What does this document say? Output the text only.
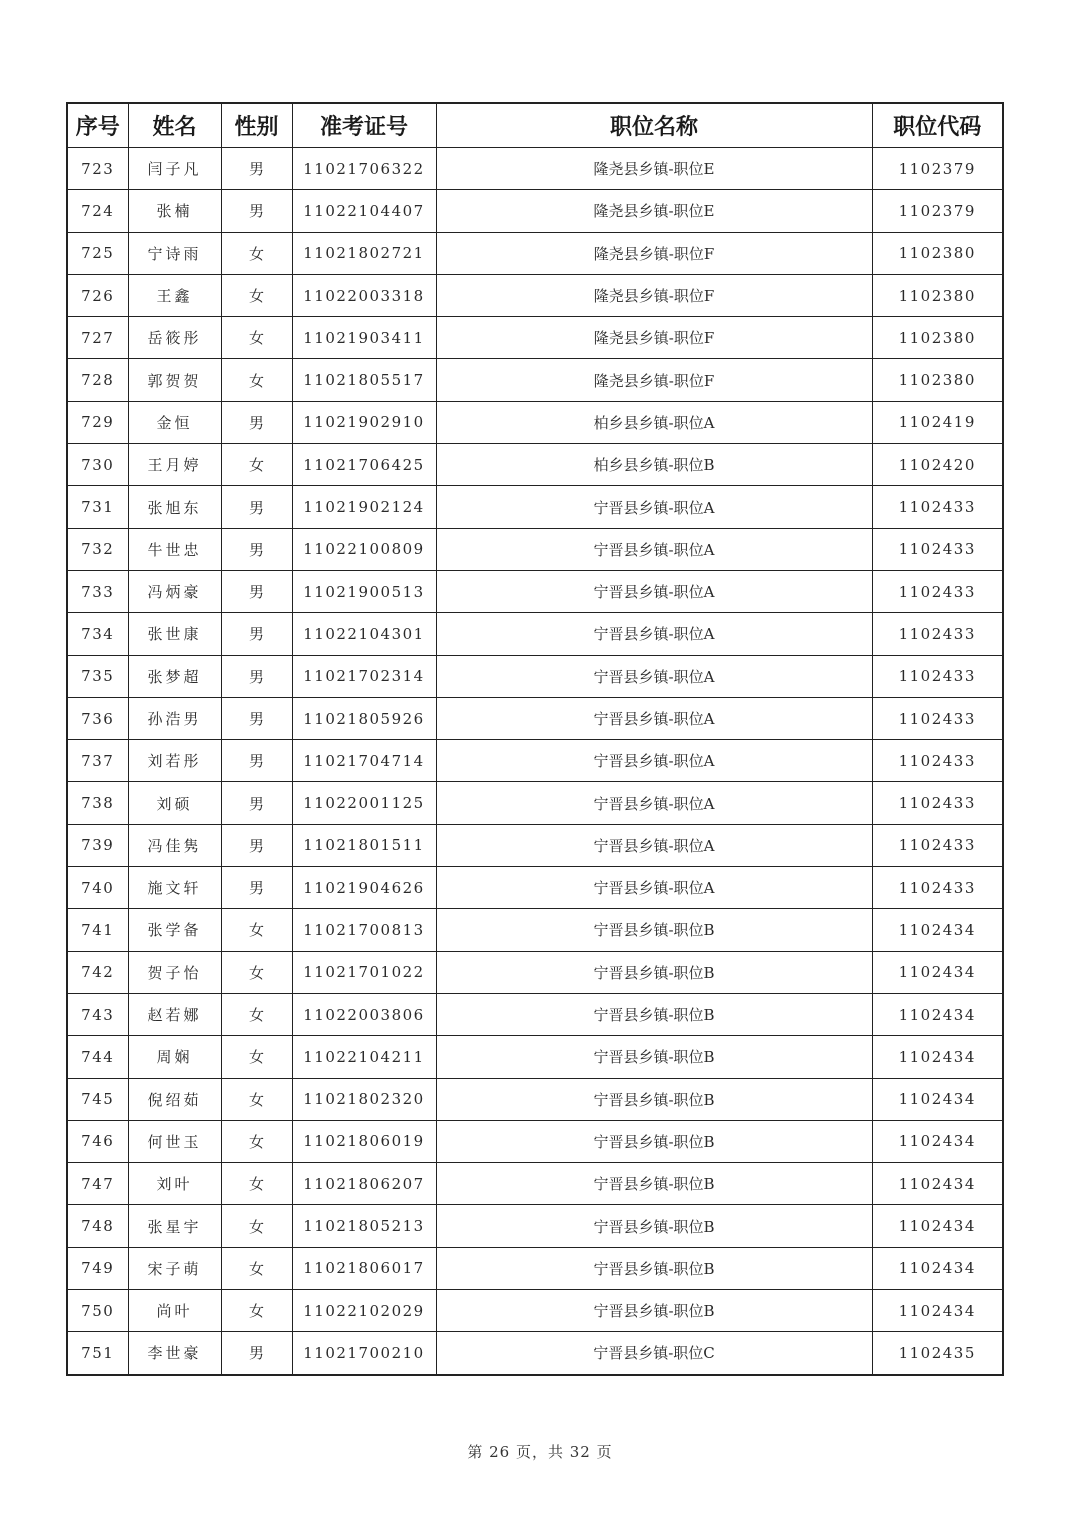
序号	姓名	性别	准考证号	职位名称	职位代码
723	闫子凡	男	11021706322	隆尧县乡镇-职位E	1102379
724	张楠	男	11022104407	隆尧县乡镇-职位E	1102379
725	宁诗雨	女	11021802721	隆尧县乡镇-职位F	1102380
726	王鑫	女	11022003318	隆尧县乡镇-职位F	1102380
727	岳筱彤	女	11021903411	隆尧县乡镇-职位F	1102380
728	郭贺贺	女	11021805517	隆尧县乡镇-职位F	1102380
729	金恒	男	11021902910	柏乡县乡镇-职位A	1102419
730	王月婷	女	11021706425	柏乡县乡镇-职位B	1102420
731	张旭东	男	11021902124	宁晋县乡镇-职位A	1102433
732	牛世忠	男	11022100809	宁晋县乡镇-职位A	1102433
733	冯炳豪	男	11021900513	宁晋县乡镇-职位A	1102433
734	张世康	男	11022104301	宁晋县乡镇-职位A	1102433
735	张梦超	男	11021702314	宁晋县乡镇-职位A	1102433
736	孙浩男	男	11021805926	宁晋县乡镇-职位A	1102433
737	刘若彤	男	11021704714	宁晋县乡镇-职位A	1102433
738	刘硕	男	11022001125	宁晋县乡镇-职位A	1102433
739	冯佳隽	男	11021801511	宁晋县乡镇-职位A	1102433
740	施文轩	男	11021904626	宁晋县乡镇-职位A	1102433
741	张学备	女	11021700813	宁晋县乡镇-职位B	1102434
742	贺子怡	女	11021701022	宁晋县乡镇-职位B	1102434
743	赵若娜	女	11022003806	宁晋县乡镇-职位B	1102434
744	周娴	女	11022104211	宁晋县乡镇-职位B	1102434
745	倪绍茹	女	11021802320	宁晋县乡镇-职位B	1102434
746	何世玉	女	11021806019	宁晋县乡镇-职位B	1102434
747	刘叶	女	11021806207	宁晋县乡镇-职位B	1102434
748	张星宇	女	11021805213	宁晋县乡镇-职位B	1102434
749	宋子萌	女	11021806017	宁晋县乡镇-职位B	1102434
750	尚叶	女	11022102029	宁晋县乡镇-职位B	1102434
751	李世豪	男	11021700210	宁晋县乡镇-职位C	1102435
第 26 页，共 32 页
